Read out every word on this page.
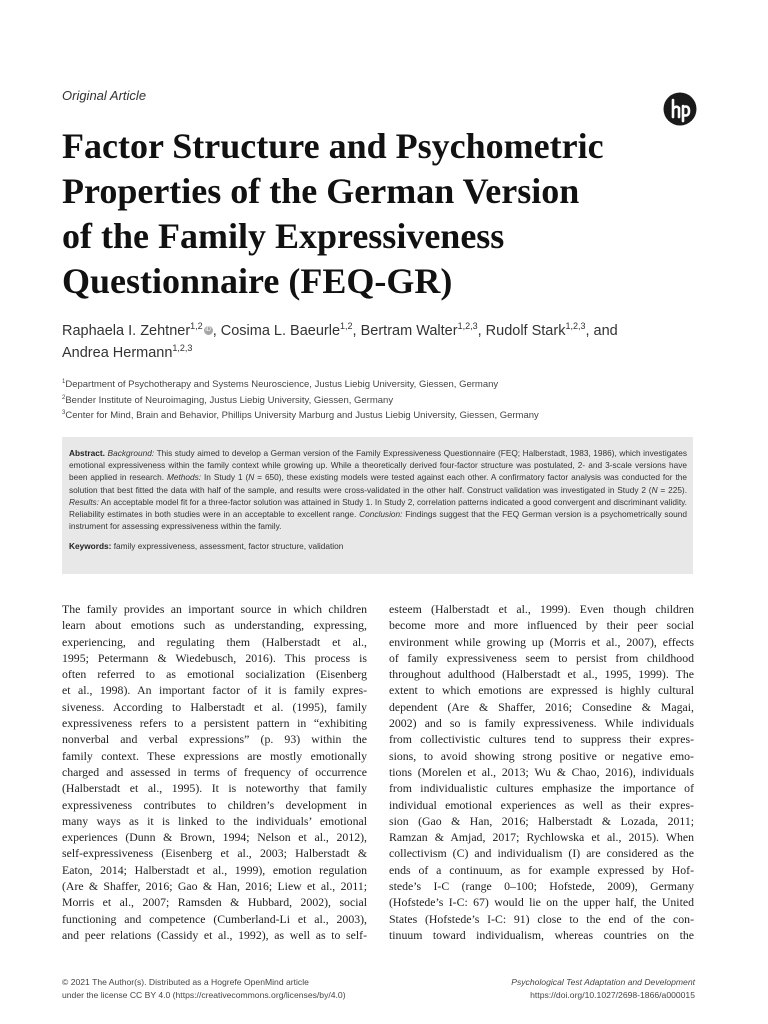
Original Article
Factor Structure and Psychometric
Properties of the German Version
of the Family Expressiveness
Questionnaire (FEQ-GR)
Raphaela I. Zehtner$^{1,2}$ iD , Cosima L. Baeurle$^{1,2}$, Bertram Walter$^{1,2,3}$, Rudolf Stark$^{1,2,3}$, and
Andrea Hermann$^{1,2,3}$
$^1$Department of Psychotherapy and Systems Neuroscience, Justus Liebig University, Giessen, Germany
$^2$Bender Institute of Neuroimaging, Justus Liebig University, Giessen, Germany
$^3$Center for Mind, Brain and Behavior, Phillips University Marburg and Justus Liebig University, Giessen, Germany

Abstract. Background: This study aimed to develop a German version of the Family Expressiveness Questionnaire (FEQ; Halberstadt, 1983, 1986), which investigates emotional expressiveness within the family context while growing up. While a theoretically derived four-factor structure was postulated, 2- and 3-scale versions have been applied in research. Methods: In Study 1 (N = 650), these existing models were tested against each other. A confirmatory factor analysis was conducted for the solution that best fitted the data with half of the sample, and results were cross-validated in the other half. Construct validation was investigated in Study 2 (N = 225). Results: An acceptable model fit for a three-factor solution was attained in Study 1. In Study 2, correlation patterns indicated a good convergent and discriminant validity. Reliability estimates in both studies were in an acceptable to excellent range. Conclusion: Findings suggest that the FEQ German version is a psychometrically sound instrument for assessing expressiveness within the family.

Keywords: family expressiveness, assessment, factor structure, validation

The family provides an important source in which children
learn about emotions such as understanding, expressing,
experiencing, and regulating them (Halberstadt et al.,
1995; Petermann & Wiedebusch, 2016). This process is
often referred to as emotional socialization (Eisenberg
et al., 1998). An important factor of it is family expres-
siveness. According to Halberstadt et al. (1995), family
expressiveness refers to a persistent pattern in “exhibiting
nonverbal and verbal expressions” (p. 93) within the
family context. These expressions are mostly emotionally
charged and assessed in terms of frequency of occurrence
(Halberstadt et al., 1995). It is noteworthy that family
expressiveness contributes to children’s development in
many ways as it is linked to the individuals’ emotional
experiences (Dunn & Brown, 1994; Nelson et al., 2012),
self-expressiveness (Eisenberg et al., 2003; Halberstadt &
Eaton, 2014; Halberstadt et al., 1999), emotion regulation
(Are & Shaffer, 2016; Gao & Han, 2016; Liew et al., 2011;
Morris et al., 2007; Ramsden & Hubbard, 2002), social
functioning and competence (Cumberland-Li et al., 2003),
and peer relations (Cassidy et al., 1992), as well as to self-
esteem (Halberstadt et al., 1999). Even though children
become more and more influenced by their peer social
environment while growing up (Morris et al., 2007), effects
of family expressiveness seem to persist from childhood
throughout adulthood (Halberstadt et al., 1995, 1999). The
extent to which emotions are expressed is highly cultural
dependent (Are & Shaffer, 2016; Consedine & Magai,
2002) and so is family expressiveness. While individuals
from collectivistic cultures tend to suppress their expres-
sions, to avoid showing strong positive or negative emo-
tions (Morelen et al., 2013; Wu & Chao, 2016), individuals
from individualistic cultures emphasize the importance of
individual emotional experiences as well as their expres-
sion (Gao & Han, 2016; Halberstadt & Lozada, 2011;
Ramzan & Amjad, 2017; Rychlowska et al., 2015). When
collectivism (C) and individualism (I) are considered as the
ends of a continuum, as for example expressed by Hof-
stede’s I-C (range 0–100; Hofstede, 2009), Germany
(Hofstede’s I-C: 67) would lie on the upper half, the United
States (Hofstede’s I-C: 91) close to the end of the con-
tinuum toward individualism, whereas countries on the
© 2021 The Author(s). Distributed as a Hogrefe OpenMind article
under the license CC BY 4.0 (https://creativecommons.org/licenses/by/4.0)
Psychological Test Adaptation and Development
https://doi.org/10.1027/2698-1866/a000015
